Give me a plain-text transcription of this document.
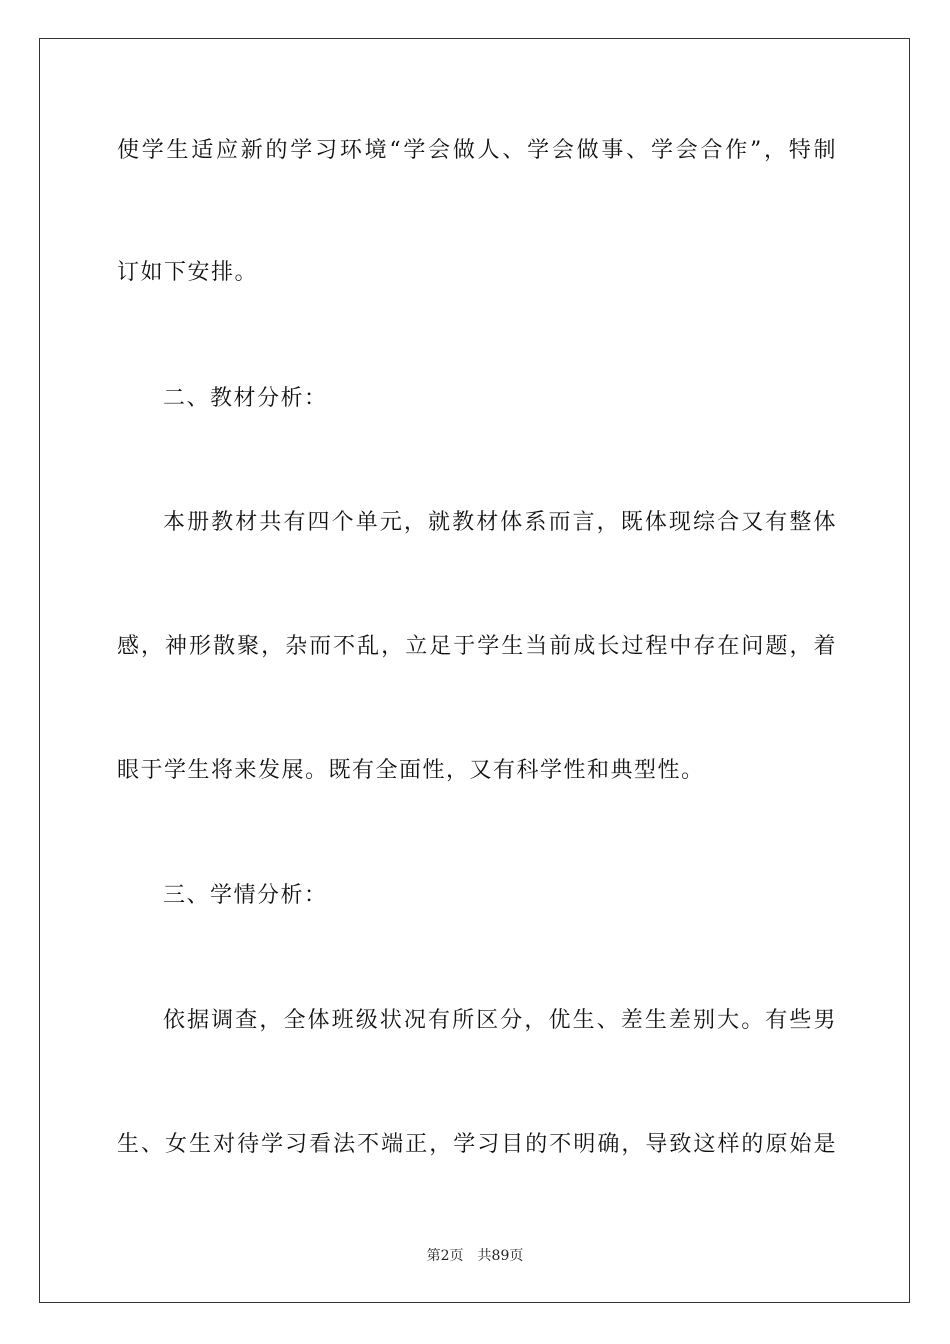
使学生适应新的学习环境“学会做人、学会做事、学会合作”，特制
订如下安排。
二、教材分析：
本册教材共有四个单元，就教材体系而言，既体现综合又有整体
感，神形散聚，杂而不乱，立足于学生当前成长过程中存在问题，着
眼于学生将来发展。既有全面性，又有科学性和典型性。
三、学情分析：
依据调查，全体班级状况有所区分，优生、差生差别大。有些男
生、女生对待学习看法不端正，学习目的不明确，导致这样的原始是
第2页 共89页
